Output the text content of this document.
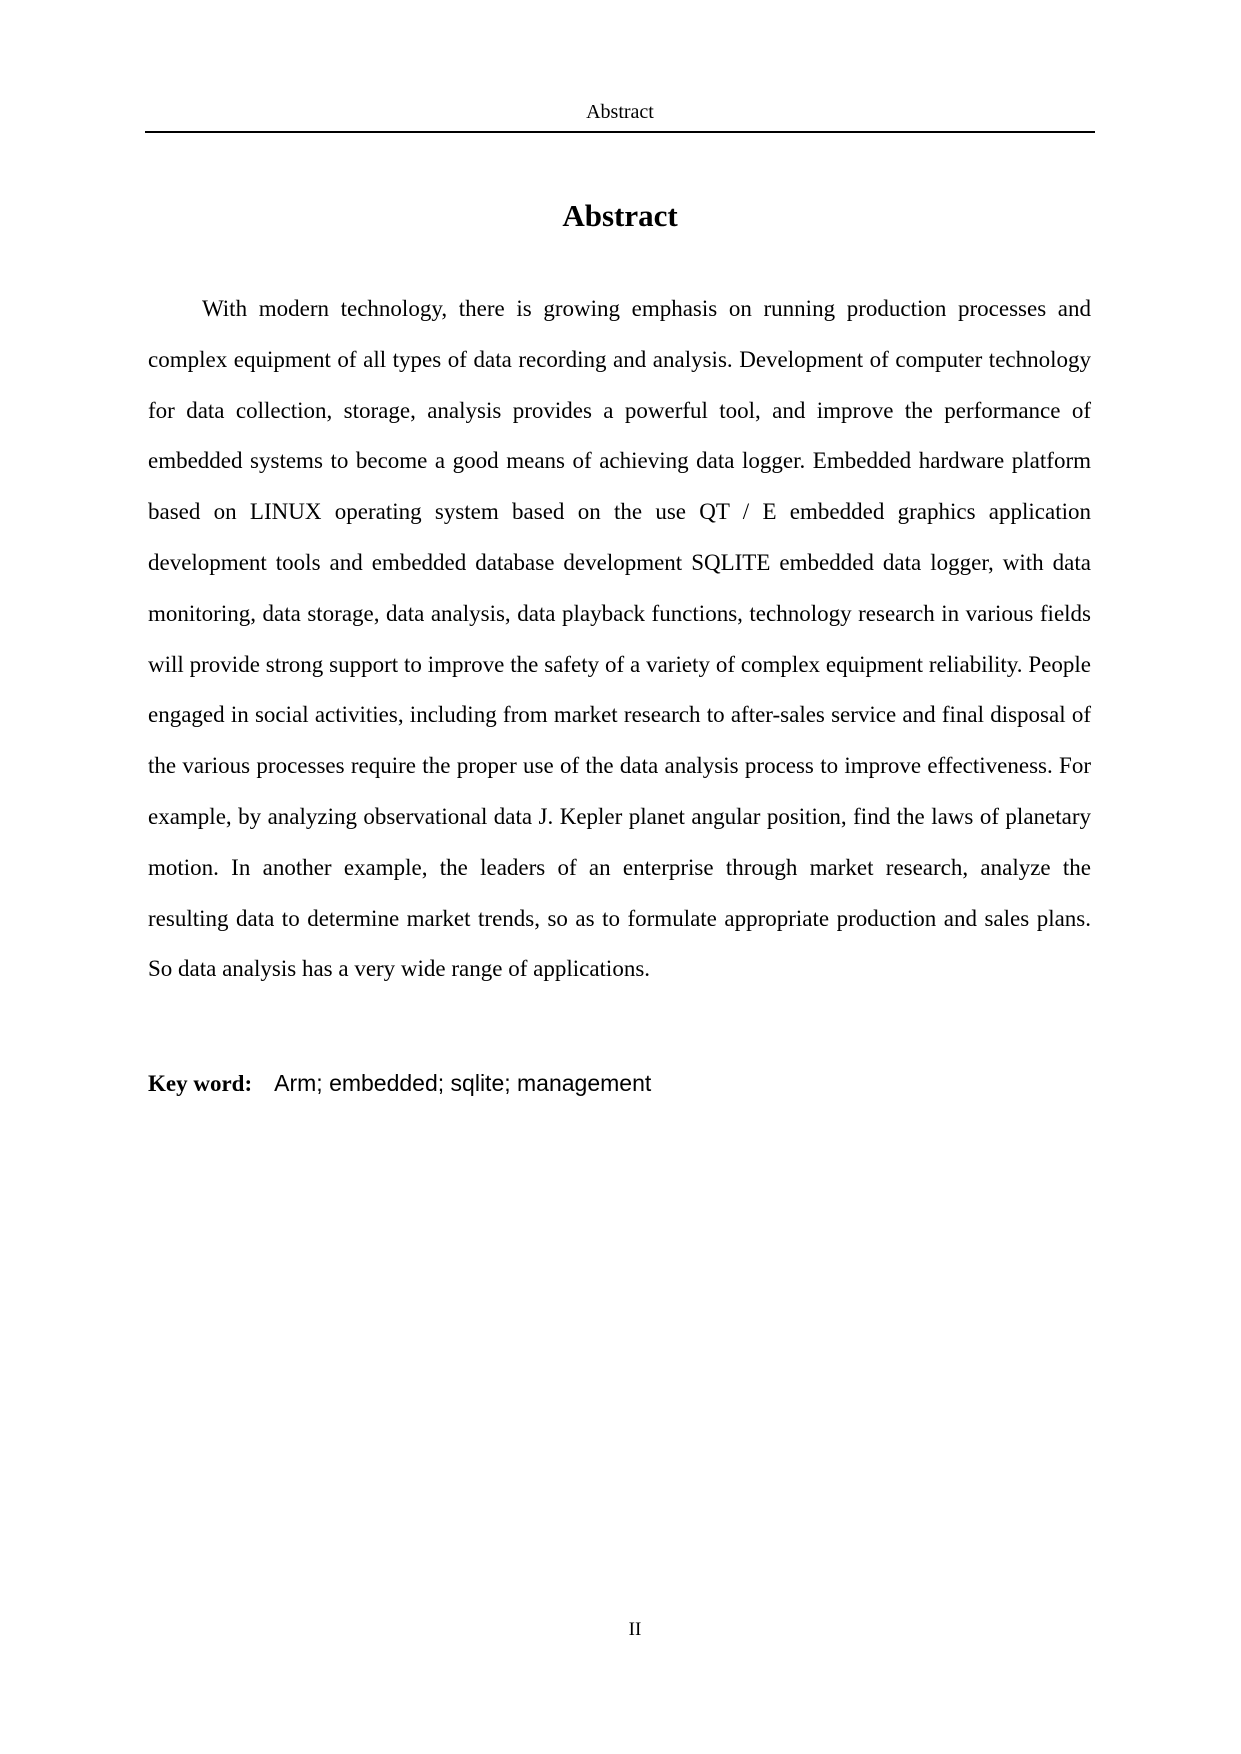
Abstract
Abstract

With modern technology, there is growing emphasis on running production processes and complex equipment of all types of data recording and analysis. Development of computer technology for data collection, storage, analysis provides a powerful tool, and improve the performance of embedded systems to become a good means of achieving data logger. Embedded hardware platform based on LINUX operating system based on the use QT / E embedded graphics application development tools and embedded database development SQLITE embedded data logger, with data monitoring, data storage, data analysis, data playback functions, technology research in various fields will provide strong support to improve the safety of a variety of complex equipment reliability. People engaged in social activities, including from market research to after-sales service and final disposal of the various processes require the proper use of the data analysis process to improve effectiveness. For example, by analyzing observational data J. Kepler planet angular position, find the laws of planetary motion. In another example, the leaders of an enterprise through market research, analyze the resulting data to determine market trends, so as to formulate appropriate production and sales plans. So data analysis has a very wide range of applications.

Key word: Arm; embedded; sqlite; management
II
